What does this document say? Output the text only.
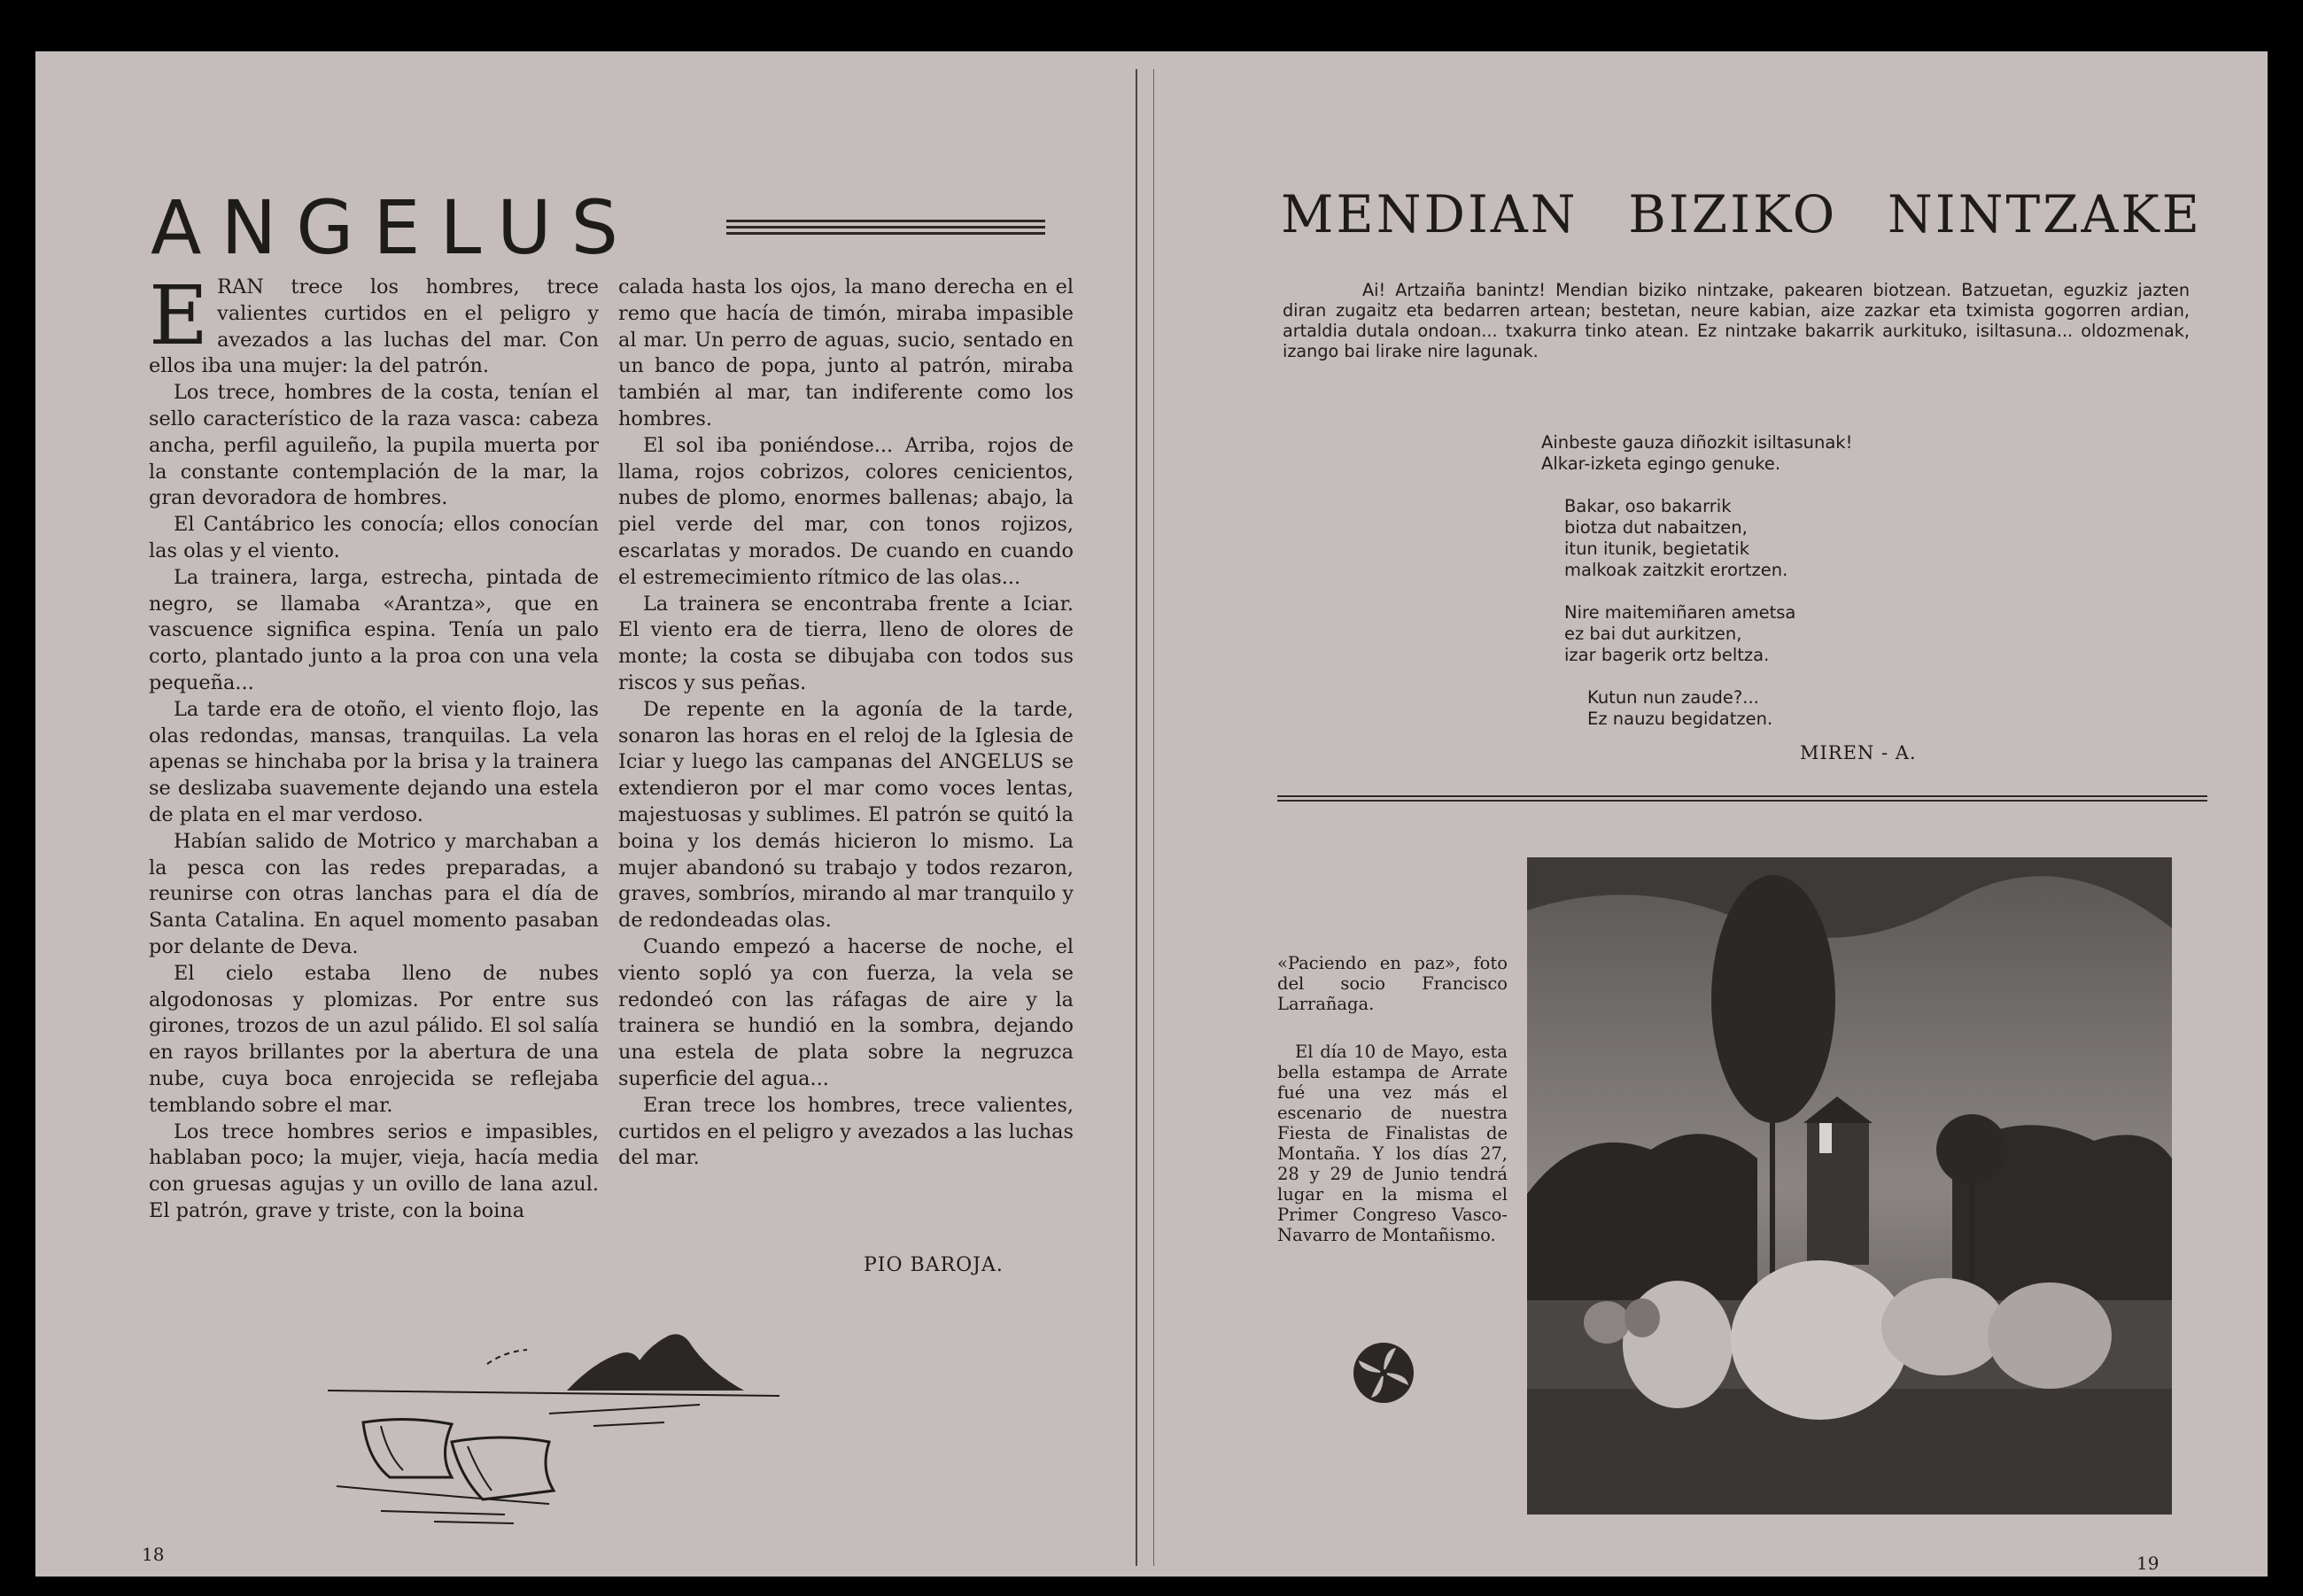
ANGELUS
E RAN trece los hombres, trece valientes curtidos en el peligro y avezados a las luchas del mar. Con ellos iba una mujer: la del patrón.

Los trece, hombres de la costa, tenían el sello característico de la raza vasca: cabeza ancha, perfil aguileño, la pupila muerta por la constante contemplación de la mar, la gran devoradora de hombres.

El Cantábrico les conocía; ellos conocían las olas y el viento.

La trainera, larga, estrecha, pintada de negro, se llamaba «Arantza», que en vascuence significa espina. Tenía un palo corto, plantado junto a la proa con una vela pequeña...

La tarde era de otoño, el viento flojo, las olas redondas, mansas, tranquilas. La vela apenas se hinchaba por la brisa y la trainera se deslizaba suavemente dejando una estela de plata en el mar verdoso.

Habían salido de Motrico y marchaban a la pesca con las redes preparadas, a reunirse con otras lanchas para el día de Santa Catalina. En aquel momento pasaban por delante de Deva.

El cielo estaba lleno de nubes algodonosas y plomizas. Por entre sus girones, trozos de un azul pálido. El sol salía en rayos brillantes por la abertura de una nube, cuya boca enrojecida se reflejaba temblando sobre el mar.

Los trece hombres serios e impasibles, hablaban poco; la mujer, vieja, hacía media con gruesas agujas y un ovillo de lana azul. El patrón, grave y triste, con la boina

calada hasta los ojos, la mano derecha en el remo que hacía de timón, miraba impasible al mar. Un perro de aguas, sucio, sentado en un banco de popa, junto al patrón, miraba también al mar, tan indiferente como los hombres.

El sol iba poniéndose... Arriba, rojos de llama, rojos cobrizos, colores cenicientos, nubes de plomo, enormes ballenas; abajo, la piel verde del mar, con tonos rojizos, escarlatas y morados. De cuando en cuando el estremecimiento rítmico de las olas...

La trainera se encontraba frente a Iciar. El viento era de tierra, lleno de olores de monte; la costa se dibujaba con todos sus riscos y sus peñas.

De repente en la agonía de la tarde, sonaron las horas en el reloj de la Iglesia de Iciar y luego las campanas del ANGELUS se extendieron por el mar como voces lentas, majestuosas y sublimes. El patrón se quitó la boina y los demás hicieron lo mismo. La mujer abandonó su trabajo y todos rezaron, graves, sombríos, mirando al mar tranquilo y de redondeadas olas.

Cuando empezó a hacerse de noche, el viento sopló ya con fuerza, la vela se redondeó con las ráfagas de aire y la trainera se hundió en la sombra, dejando una estela de plata sobre la negruzca superficie del agua...

Eran trece los hombres, trece valientes, curtidos en el peligro y avezados a las luchas del mar.

PIO BAROJA.
18
MENDIAN BIZIKO NINTZAKE

Ai! Artzaiña banintz! Mendian biziko nintzake, pakearen biotzean. Batzuetan, eguzkiz jazten diran zugaitz eta bedarren artean; bestetan, neure kabian, aize zazkar eta tximista gogorren ardian, artaldia dutala ondoan... txakurra tinko atean. Ez nintzake bakarrik aurkituko, isiltasuna... oldozmenak, izango bai lirake nire lagunak.

Ainbeste gauza diñozkit isiltasunak!
Alkar-izketa egingo genuke.
Bakar, oso bakarrik
biotza dut nabaitzen,
itun itunik, begietatik
malkoak zaitzkit erortzen.
Nire maitemiñaren ametsa
ez bai dut aurkitzen,
izar bagerik ortz beltza.
Kutun nun zaude?...
Ez nauzu begidatzen.
MIREN - A.

«Paciendo en paz», foto del socio Francisco Larrañaga.

El día 10 de Mayo, esta bella estampa de Arrate fué una vez más el escenario de nuestra Fiesta de Finalistas de Montaña. Y los días 27, 28 y 29 de Junio tendrá lugar en la misma el Primer Congreso Vasco-Navarro de Montañismo.

19
